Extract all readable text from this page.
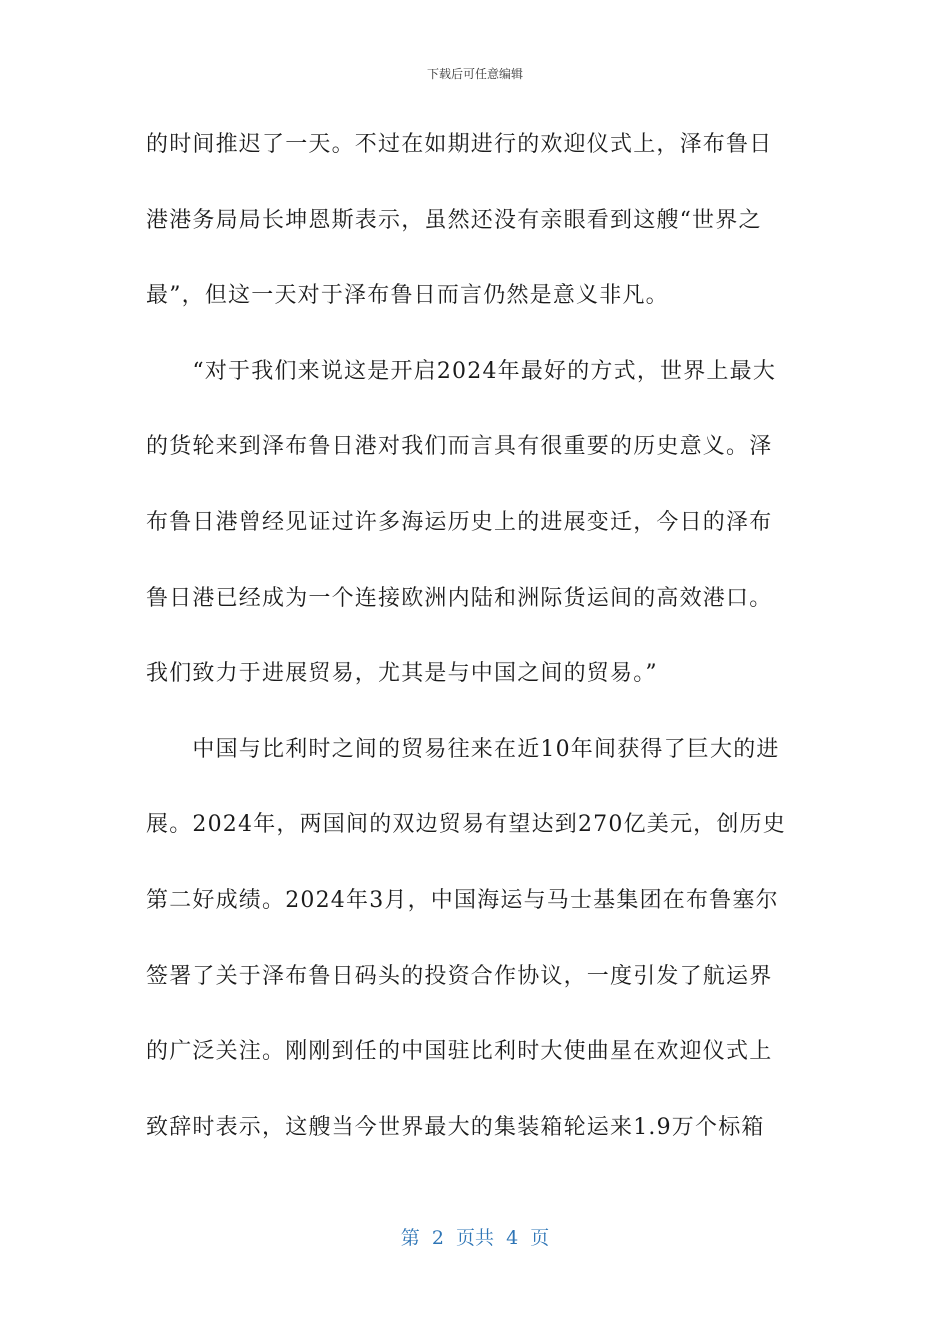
下载后可任意编辑
的时间推迟了一天。不过在如期进行的欢迎仪式上，泽布鲁日
港港务局局长坤恩斯表示，虽然还没有亲眼看到这艘“世界之
最”，但这一天对于泽布鲁日而言仍然是意义非凡。
　　“对于我们来说这是开启2024年最好的方式，世界上最大
的货轮来到泽布鲁日港对我们而言具有很重要的历史意义。泽
布鲁日港曾经见证过许多海运历史上的进展变迁，今日的泽布
鲁日港已经成为一个连接欧洲内陆和洲际货运间的高效港口。
我们致力于进展贸易，尤其是与中国之间的贸易。”
　　中国与比利时之间的贸易往来在近10年间获得了巨大的进
展。2024年，两国间的双边贸易有望达到270亿美元，创历史
第二好成绩。2024年3月，中国海运与马士基集团在布鲁塞尔
签署了关于泽布鲁日码头的投资合作协议，一度引发了航运界
的广泛关注。刚刚到任的中国驻比利时大使曲星在欢迎仪式上
致辞时表示，这艘当今世界最大的集装箱轮运来1.9万个标箱
第  2  页共  4  页
